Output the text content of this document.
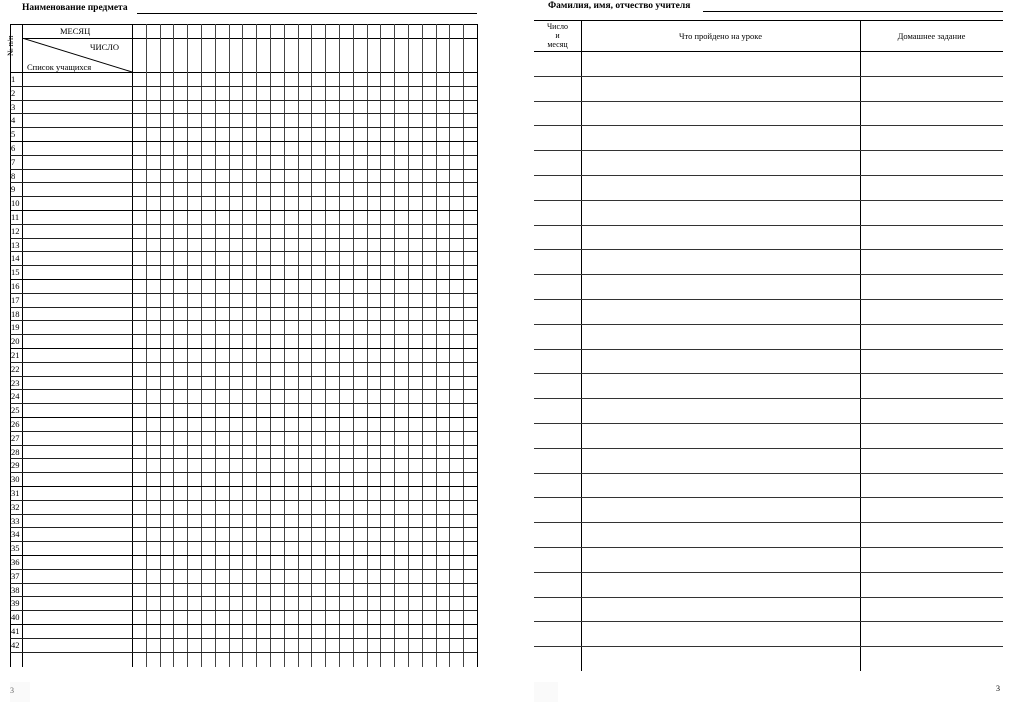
Наименование предмета
МЕСЯЦ
ЧИСЛО
Список учащихся
№ п/п
1
2
3
4
5
6
7
8
9
10
11
12
13
14
15
16
17
18
19
20
21
22
23
24
25
26
27
28
29
30
31
32
33
34
35
36
37
38
39
40
41
42
3
Фамилия, имя, отчество учителя
Число
и
месяц
Что пройдено на уроке	Домашнее задание
3
